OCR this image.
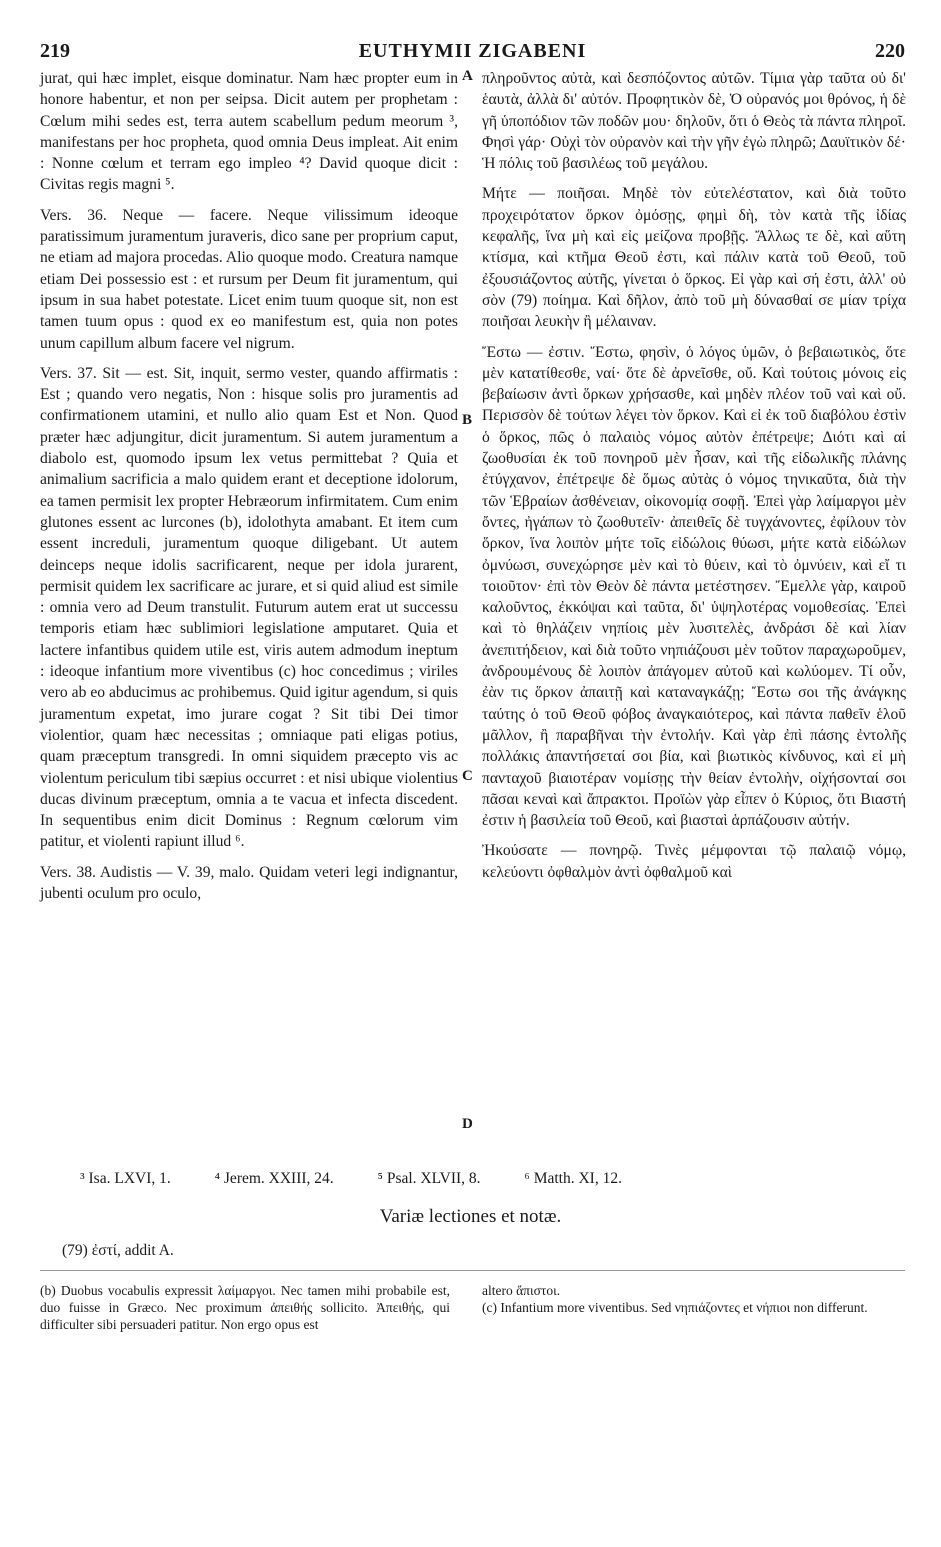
219	EUTHYMII ZIGABENI	220

jurat, qui hæc implet, eisque dominatur. Nam hæc propter eum in honore habentur, et non per seipsa. Dicit autem per prophetam : Cœlum mihi sedes est, terra autem scabellum pedum meorum ³, manifestans per hoc propheta, quod omnia Deus impleat. Ait enim : Nonne cœlum et terram ego impleo ⁴? David quoque dicit : Civitas regis magni ⁵.

Vers. 36. Neque — facere. Neque vilissimum ideoque paratissimum juramentum juraveris, dico sane per proprium caput, ne etiam ad majora procedas. Alio quoque modo. Creatura namque etiam Dei possessio est : et rursum per Deum fit juramentum, qui ipsum in sua habet potestate. Licet enim tuum quoque sit, non est tamen tuum opus : quod ex eo manifestum est, quia non potes unum capillum album facere vel nigrum.

Vers. 37. Sit — est. Sit, inquit, sermo vester, quando affirmatis : Est ; quando vero negatis, Non : hisque solis pro juramentis ad confirmationem utamini, et nullo alio quam Est et Non. Quod præter hæc adjungitur, dicit juramentum. Si autem juramentum a diabolo est, quomodo ipsum lex vetus permittebat ? Quia et animalium sacrificia a malo quidem erant et deceptione idolorum, ea tamen permisit lex propter Hebræorum infirmitatem. Cum enim glutones essent ac lurcones (b), idolothyta amabant. Et item cum essent increduli, juramentum quoque diligebant. Ut autem deinceps neque idolis sacrificarent, neque per idola jurarent, permisit quidem lex sacrificare ac jurare, et si quid aliud est simile : omnia vero ad Deum transtulit. Futurum autem erat ut successu temporis etiam hæc sublimiori legislatione amputaret. Quia et lactere infantibus quidem utile est, viris autem admodum ineptum : ideoque infantium more viventibus (c) hoc concedimus ; viriles vero ab eo abducimus ac prohibemus. Quid igitur agendum, si quis juramentum expetat, imo jurare cogat ? Sit tibi Dei timor violentior, quam hæc necessitas ; omniaque pati eligas potius, quam præceptum transgredi. In omni siquidem præcepto vis ac violentum periculum tibi sæpius occurret : et nisi ubique violentius ducas divinum præceptum, omnia a te vacua et infecta discedent. In sequentibus enim dicit Dominus : Regnum cœlorum vim patitur, et violenti rapiunt illud ⁶.

Vers. 38. Audistis — V. 39, malo. Quidam veteri legi indignantur, jubenti oculum pro oculo,

A
B
C
D

πληροῦντος αὐτὰ, καὶ δεσπόζοντος αὐτῶν. Τίμια γὰρ ταῦτα οὐ δι' ἑαυτὰ, ἀλλὰ δι' αὐτόν. Προφητικὸν δὲ, Ὁ οὐρανός μοι θρόνος, ἡ δὲ γῆ ὑποπόδιον τῶν ποδῶν μου· δηλοῦν, ὅτι ὁ Θεὸς τὰ πάντα πληροῖ. Φησὶ γάρ· Οὐχὶ τὸν οὐρανὸν καὶ τὴν γῆν ἐγὼ πληρῶ; Δαυϊτικὸν δέ· Ἡ πόλις τοῦ βασιλέως τοῦ μεγάλου.

Μήτε — ποιῆσαι. Μηδὲ τὸν εὐτελέστατον, καὶ διὰ τοῦτο προχειρότατον ὅρκον ὀμόσῃς, φημὶ δὴ, τὸν κατὰ τῆς ἰδίας κεφαλῆς, ἵνα μὴ καὶ εἰς μείζονα προβῇς. Ἄλλως τε δὲ, καὶ αὕτη κτίσμα, καὶ κτῆμα Θεοῦ ἐστι, καὶ πάλιν κατὰ τοῦ Θεοῦ, τοῦ ἐξουσιάζοντος αὐτῆς, γίνεται ὁ ὅρκος. Εἰ γὰρ καὶ σή ἐστι, ἀλλ' οὐ σὸν (79) ποίημα. Καὶ δῆλον, ἀπὸ τοῦ μὴ δύνασθαί σε μίαν τρίχα ποιῆσαι λευκὴν ἢ μέλαιναν.

Ἔστω — ἐστιν. Ἔστω, φησὶν, ὁ λόγος ὑμῶν, ὁ βεβαιωτικὸς, ὅτε μὲν κατατίθεσθε, ναί· ὅτε δὲ ἀρνεῖσθε, οὔ. Καὶ τούτοις μόνοις εἰς βεβαίωσιν ἀντὶ ὅρκων χρήσασθε, καὶ μηδὲν πλέον τοῦ ναὶ καὶ οὔ. Περισσὸν δὲ τούτων λέγει τὸν ὅρκον. Καὶ εἰ ἐκ τοῦ διαβόλου ἐστὶν ὁ ὅρκος, πῶς ὁ παλαιὸς νόμος αὐτὸν ἐπέτρεψε; Διότι καὶ αἱ ζωοθυσίαι ἐκ τοῦ πονηροῦ μὲν ἦσαν, καὶ τῆς εἰδωλικῆς πλάνης ἐτύγχανον, ἐπέτρεψε δὲ ὅμως αὐτὰς ὁ νόμος τηνικαῦτα, διὰ τὴν τῶν Ἑβραίων ἀσθένειαν, οἰκονομίᾳ σοφῇ. Ἐπεὶ γὰρ λαίμαργοι μὲν ὄντες, ἠγάπων τὸ ζωοθυτεῖν· ἀπειθεῖς δὲ τυγχάνοντες, ἐφίλουν τὸν ὅρκον, ἵνα λοιπὸν μήτε τοῖς εἰδώλοις θύωσι, μήτε κατὰ εἰδώλων ὀμνύωσι, συνεχώρησε μὲν καὶ τὸ θύειν, καὶ τὸ ὀμνύειν, καὶ εἴ τι τοιοῦτον· ἐπὶ τὸν Θεὸν δὲ πάντα μετέστησεν. Ἔμελλε γὰρ, καιροῦ καλοῦντος, ἐκκόψαι καὶ ταῦτα, δι' ὑψηλοτέρας νομοθεσίας. Ἐπεὶ καὶ τὸ θηλάζειν νηπίοις μὲν λυσιτελὲς, ἀνδράσι δὲ καὶ λίαν ἀνεπιτήδειον, καὶ διὰ τοῦτο νηπιάζουσι μὲν τοῦτον παραχωροῦμεν, ἀνδρουμένους δὲ λοιπὸν ἀπάγομεν αὐτοῦ καὶ κωλύομεν. Τί οὖν, ἐὰν τις ὅρκον ἀπαιτῇ καὶ καταναγκάζῃ; Ἔστω σοι τῆς ἀνάγκης ταύτης ὁ τοῦ Θεοῦ φόβος ἀναγκαιότερος, καὶ πάντα παθεῖν ἑλοῦ μᾶλλον, ἢ παραβῆναι τὴν ἐντολήν. Καὶ γὰρ ἐπὶ πάσης ἐντολῆς πολλάκις ἀπαντήσεταί σοι βία, καὶ βιωτικὸς κίνδυνος, καὶ εἰ μὴ πανταχοῦ βιαιοτέραν νομίσῃς τὴν θείαν ἐντολὴν, οἰχήσονταί σοι πᾶσαι κεναὶ καὶ ἄπρακτοι. Προϊὼν γὰρ εἶπεν ὁ Κύριος, ὅτι Βιαστή ἐστιν ἡ βασιλεία τοῦ Θεοῦ, καὶ βιασταὶ ἁρπάζουσιν αὐτήν.

Ἠκούσατε — πονηρῷ. Τινὲς μέμφονται τῷ παλαιῷ νόμῳ, κελεύοντι ὀφθαλμὸν ἀντὶ ὀφθαλμοῦ καὶ

³ Isa. LXVI, 1.	⁴ Jerem. XXIII, 24.	⁵ Psal. XLVII, 8.	⁶ Matth. XI, 12.
Variæ lectiones et notæ.
(79) ἐστί, addit A.

(b) Duobus vocabulis expressit λαίμαργοι. Nec tamen mihi probabile est, duo fuisse in Græco. Nec proximum ἀπειθής sollicito. Ἀπειθής, qui difficulter sibi persuaderi patitur. Non ergo opus est

altero ἄπιστοι.

(c) Infantium more viventibus. Sed νηπιάζοντες et νήπιοι non differunt.
